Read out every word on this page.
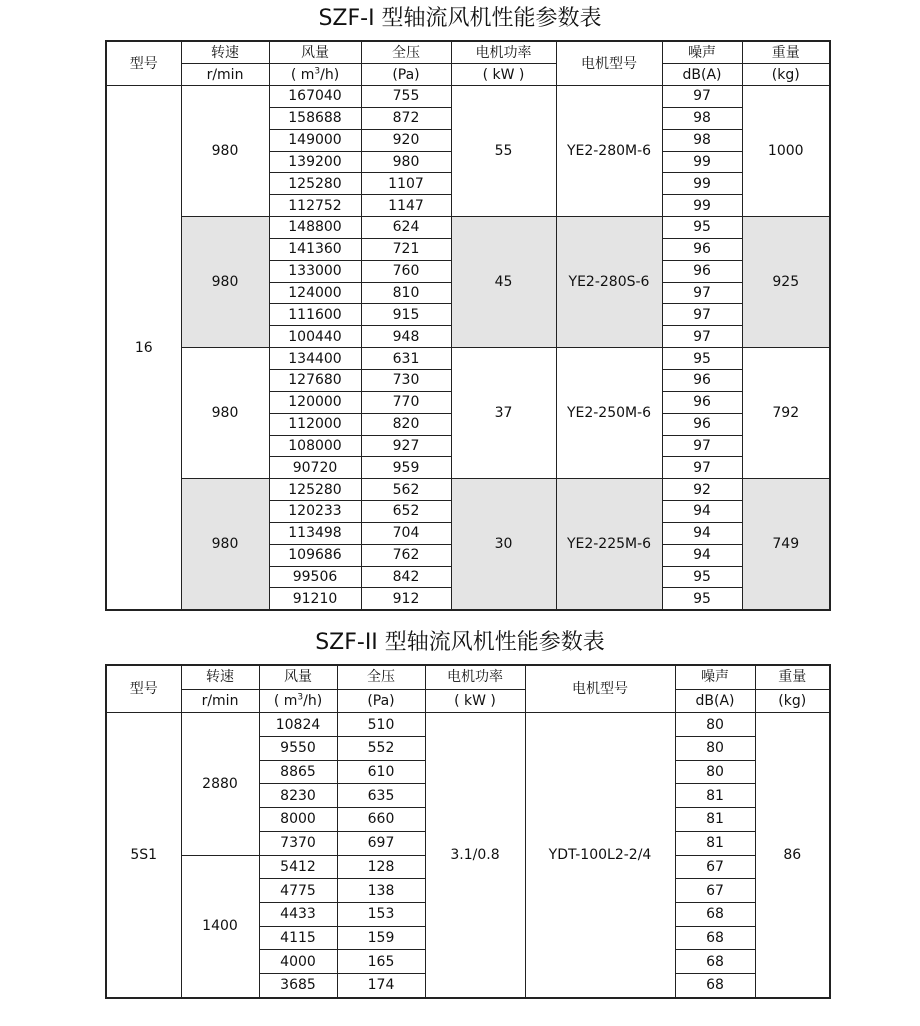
SZF-I 型轴流风机性能参数表
型号	转速	风量	全压	电机功率	电机型号	噪声	重量
	r/min	( $m^3/h$)	(Pa)	( kW )		dB(A)	(kg)
16	980	167040	755	55	YE2-280M-6	97	1000
		158688	872			98	
		149000	920			98	
		139200	980			99	
		125280	1107			99	
		112752	1147			99	
	980	148800	624	45	YE2-280S-6	95	925
		141360	721			96	
		133000	760			96	
		124000	810			97	
		111600	915			97	
		100440	948			97	
	980	134400	631	37	YE2-250M-6	95	792
		127680	730			96	
		120000	770			96	
		112000	820			96	
		108000	927			97	
		90720	959			97	
	980	125280	562	30	YE2-225M-6	92	749
		120233	652			94	
		113498	704			94	
		109686	762			94	
		99506	842			95	
		91210	912			95	
SZF-II 型轴流风机性能参数表
型号	转速	风量	全压	电机功率	电机型号	噪声	重量
	r/min	( $m^3/h$)	(Pa)	( kW )		dB(A)	(kg)
5S1	2880	10824	510	3.1/0.8	YDT-100L2-2/4	80	86
		9550	552			80	
		8865	610			80	
		8230	635			81	
		8000	660			81	
		7370	697			81	
	1400	5412	128			67	
		4775	138			67	
		4433	153			68	
		4115	159			68	
		4000	165			68	
		3685	174			68	
